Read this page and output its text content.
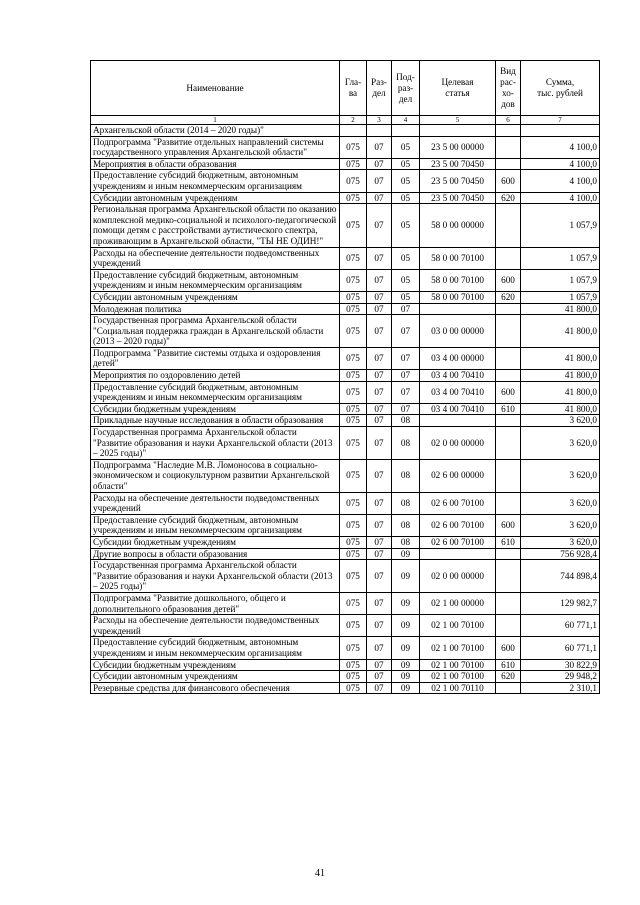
Наименование	Гла-
ва	Раз-
дел	Под-
раз-
дел	Целевая
статья	Вид
рас-
хо-
дов	Сумма,
тыс. рублей
1	2	3	4	5	6	7
Архангельской области (2014 – 2020 годы)"						
Подпрограмма "Развитие отдельных направлений системы государственного управления Архангельской области"	075	07	05	23 5 00 00000		4 100,0
Мероприятия в области образования	075	07	05	23 5 00 70450		4 100,0
Предоставление субсидий бюджетным, автономным учреждениям и иным некоммерческим организациям	075	07	05	23 5 00 70450	600	4 100,0
Субсидии автономным учреждениям	075	07	05	23 5 00 70450	620	4 100,0
Региональная программа Архангельской области по оказанию комплексной медико-социальной и психолого-педагогической помощи детям с расстройствами аутистического спектра, проживающим в Архангельской области, "ТЫ НЕ ОДИН!"	075	07	05	58 0 00 00000		1 057,9
Расходы на обеспечение деятельности подведомственных учреждений	075	07	05	58 0 00 70100		1 057,9
Предоставление субсидий бюджетным, автономным учреждениям и иным некоммерческим организациям	075	07	05	58 0 00 70100	600	1 057,9
Субсидии автономным учреждениям	075	07	05	58 0 00 70100	620	1 057,9
Молодежная политика	075	07	07			41 800,0
Государственная программа Архангельской области "Социальная поддержка граждан в Архангельской области (2013 – 2020 годы)"	075	07	07	03 0 00 00000		41 800,0
Подпрограмма "Развитие системы отдыха и оздоровления детей"	075	07	07	03 4 00 00000		41 800,0
Мероприятия по оздоровлению детей	075	07	07	03 4 00 70410		41 800,0
Предоставление субсидий бюджетным, автономным учреждениям и иным некоммерческим организациям	075	07	07	03 4 00 70410	600	41 800,0
Субсидии бюджетным учреждениям	075	07	07	03 4 00 70410	610	41 800,0
Прикладные научные исследования в области образования	075	07	08			3 620,0
Государственная программа Архангельской области "Развитие образования и науки Архангельской области (2013 – 2025 годы)"	075	07	08	02 0 00 00000		3 620,0
Подпрограмма "Наследие М.В. Ломоносова в социально-экономическом и социокультурном развитии Архангельской области"	075	07	08	02 6 00 00000		3 620,0
Расходы на обеспечение деятельности подведомственных учреждений	075	07	08	02 6 00 70100		3 620,0
Предоставление субсидий бюджетным, автономным учреждениям и иным некоммерческим организациям	075	07	08	02 6 00 70100	600	3 620,0
Субсидии бюджетным учреждениям	075	07	08	02 6 00 70100	610	3 620,0
Другие вопросы в области образования	075	07	09			756 928,4
Государственная программа Архангельской области "Развитие образования и науки Архангельской области (2013 – 2025 годы)"	075	07	09	02 0 00 00000		744 898,4
Подпрограмма "Развитие дошкольного, общего и дополнительного образования детей"	075	07	09	02 1 00 00000		129 982,7
Расходы на обеспечение деятельности подведомственных учреждений	075	07	09	02 1 00 70100		60 771,1
Предоставление субсидий бюджетным, автономным учреждениям и иным некоммерческим организациям	075	07	09	02 1 00 70100	600	60 771,1
Субсидии бюджетным учреждениям	075	07	09	02 1 00 70100	610	30 822,9
Субсидии автономным учреждениям	075	07	09	02 1 00 70100	620	29 948,2
Резервные средства для финансового обеспечения	075	07	09	02 1 00 70110		2 310,1
41
